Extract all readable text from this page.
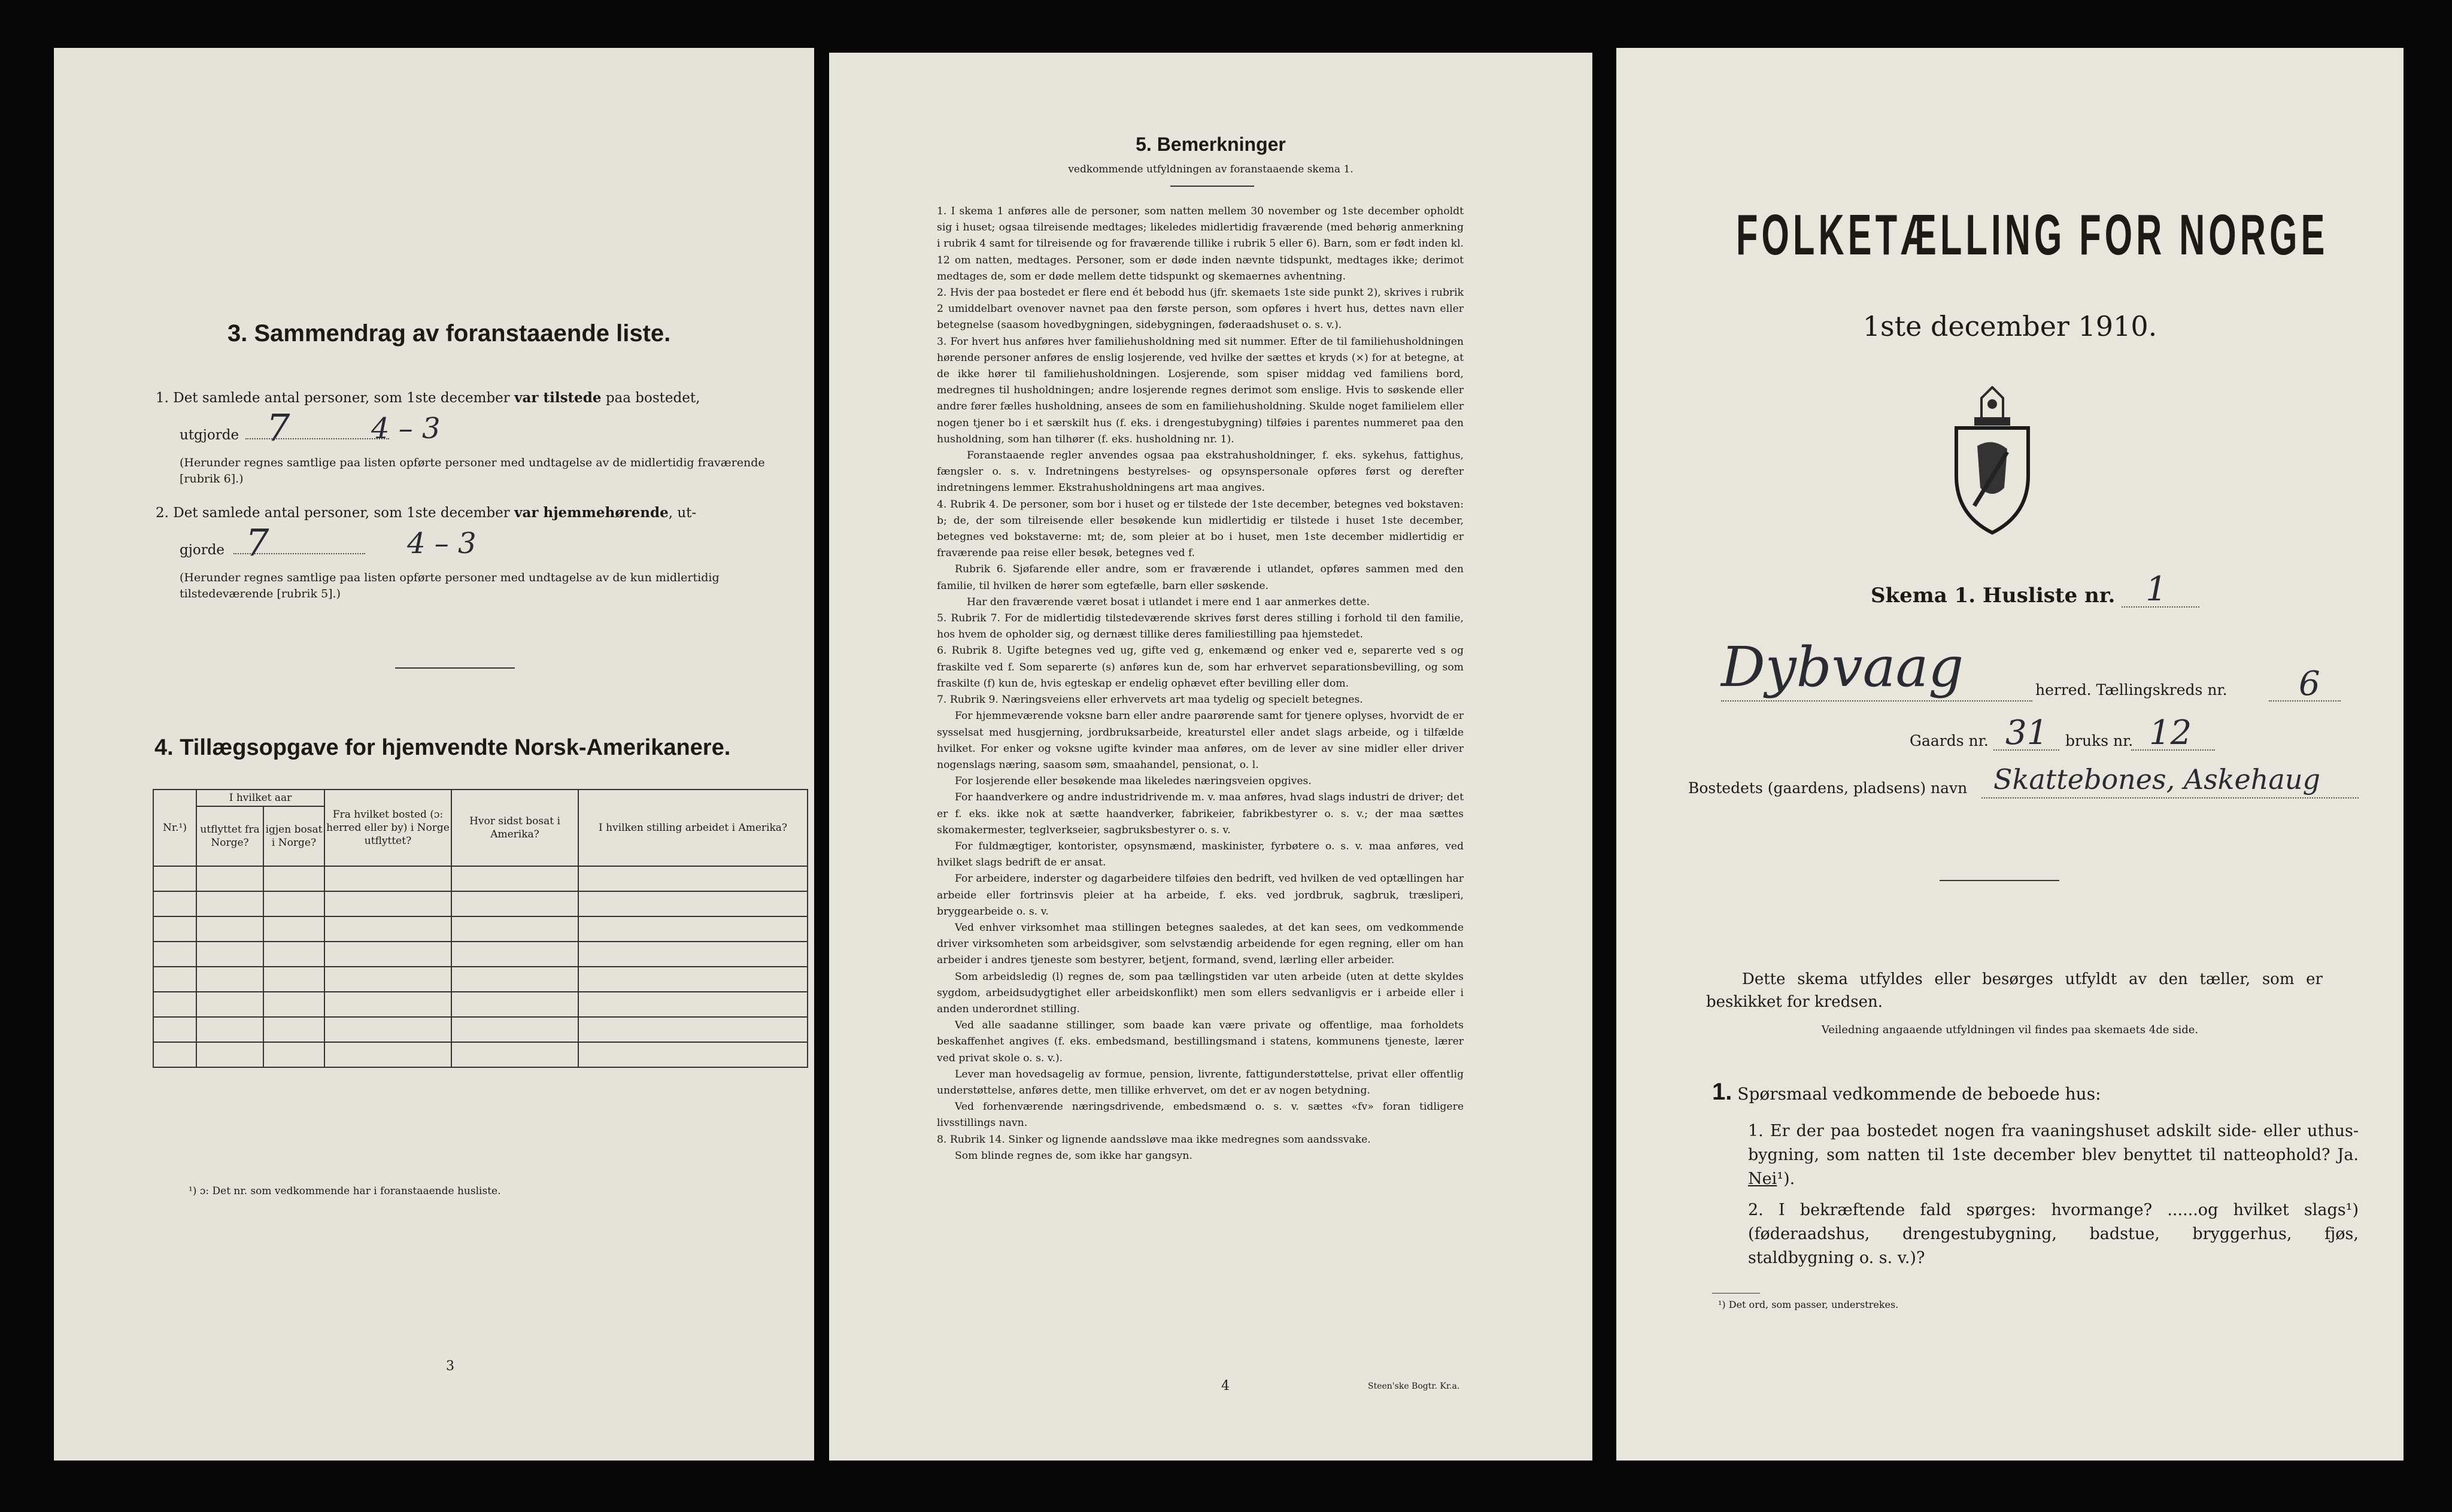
3. Sammendrag av foranstaaende liste.
1. Det samlede antal personer, som 1ste december var tilstede paa bostedet,
utgjorde 7	4 – 3
(Herunder regnes samtlige paa listen opførte personer med undtagelse av de midlertidig fraværende [rubrik 6].)
2. Det samlede antal personer, som 1ste december var hjemmehørende, ut-
gjorde 7	4 – 3
(Herunder regnes samtlige paa listen opførte personer med undtagelse av de kun midlertidig tilstedeværende [rubrik 5].)
4. Tillægsopgave for hjemvendte Norsk-Amerikanere.
Nr.¹)	I hvilket aar		Fra hvilket bosted (ɔ: herred eller by) i Norge utflyttet?	Hvor sidst bosat i Amerika?	I hvilken stilling arbeidet i Amerika?
	utflyttet fra Norge?	igjen bosat i Norge?			

¹) ɔ: Det nr. som vedkommende har i foranstaaende husliste.
3
5. Bemerkninger
vedkommende utfyldningen av foranstaaende skema 1.

1. I skema 1 anføres alle de personer, som natten mellem 30 november og 1ste december opholdt sig i huset; ogsaa tilreisende medtages; likeledes midlertidig fraværende (med behørig anmerkning i rubrik 4 samt for tilreisende og for fraværende tillike i rubrik 5 eller 6). Barn, som er født inden kl. 12 om natten, medtages. Personer, som er døde inden nævnte tidspunkt, medtages ikke; derimot medtages de, som er døde mellem dette tidspunkt og skemaernes avhentning.

2. Hvis der paa bostedet er flere end ét bebodd hus (jfr. skemaets 1ste side punkt 2), skrives i rubrik 2 umiddelbart ovenover navnet paa den første person, som opføres i hvert hus, dettes navn eller betegnelse (saasom hovedbygningen, sidebygningen, føderaadshuset o. s. v.).

3. For hvert hus anføres hver familiehusholdning med sit nummer. Efter de til familiehusholdningen hørende personer anføres de enslig losjerende, ved hvilke der sættes et kryds (×) for at betegne, at de ikke hører til familiehusholdningen. Losjerende, som spiser middag ved familiens bord, medregnes til husholdningen; andre losjerende regnes derimot som enslige. Hvis to søskende eller andre fører fælles husholdning, ansees de som en familiehusholdning. Skulde noget familielem eller nogen tjener bo i et særskilt hus (f. eks. i drengestubygning) tilføies i parentes nummeret paa den husholdning, som han tilhører (f. eks. husholdning nr. 1).

Foranstaaende regler anvendes ogsaa paa ekstrahusholdninger, f. eks. sykehus, fattighus, fængsler o. s. v. Indretningens bestyrelses- og opsynspersonale opføres først og derefter indretningens lemmer. Ekstrahusholdningens art maa angives.

4. Rubrik 4. De personer, som bor i huset og er tilstede der 1ste december, betegnes ved bokstaven: b; de, der som tilreisende eller besøkende kun midlertidig er tilstede i huset 1ste december, betegnes ved bokstaverne: mt; de, som pleier at bo i huset, men 1ste december midlertidig er fraværende paa reise eller besøk, betegnes ved f.

Rubrik 6. Sjøfarende eller andre, som er fraværende i utlandet, opføres sammen med den familie, til hvilken de hører som egtefælle, barn eller søskende.

Har den fraværende været bosat i utlandet i mere end 1 aar anmerkes dette.

5. Rubrik 7. For de midlertidig tilstedeværende skrives først deres stilling i forhold til den familie, hos hvem de opholder sig, og dernæst tillike deres familiestilling paa hjemstedet.

6. Rubrik 8. Ugifte betegnes ved ug, gifte ved g, enkemænd og enker ved e, separerte ved s og fraskilte ved f. Som separerte (s) anføres kun de, som har erhvervet separationsbevilling, og som fraskilte (f) kun de, hvis egteskap er endelig ophævet efter bevilling eller dom.

7. Rubrik 9. Næringsveiens eller erhvervets art maa tydelig og specielt betegnes.

For hjemmeværende voksne barn eller andre paarørende samt for tjenere oplyses, hvorvidt de er sysselsat med husgjerning, jordbruksarbeide, kreaturstel eller andet slags arbeide, og i tilfælde hvilket. For enker og voksne ugifte kvinder maa anføres, om de lever av sine midler eller driver nogenslags næring, saasom søm, smaahandel, pensionat, o. l.

For losjerende eller besøkende maa likeledes næringsveien opgives.

For haandverkere og andre industridrivende m. v. maa anføres, hvad slags industri de driver; det er f. eks. ikke nok at sætte haandverker, fabrikeier, fabrikbestyrer o. s. v.; der maa sættes skomakermester, teglverkseier, sagbruksbestyrer o. s. v.

For fuldmægtiger, kontorister, opsynsmænd, maskinister, fyrbøtere o. s. v. maa anføres, ved hvilket slags bedrift de er ansat.

For arbeidere, inderster og dagarbeidere tilføies den bedrift, ved hvilken de ved optællingen har arbeide eller fortrinsvis pleier at ha arbeide, f. eks. ved jordbruk, sagbruk, træsliperi, bryggearbeide o. s. v.

Ved enhver virksomhet maa stillingen betegnes saaledes, at det kan sees, om vedkommende driver virksomheten som arbeidsgiver, som selvstændig arbeidende for egen regning, eller om han arbeider i andres tjeneste som bestyrer, betjent, formand, svend, lærling eller arbeider.

Som arbeidsledig (l) regnes de, som paa tællingstiden var uten arbeide (uten at dette skyldes sygdom, arbeidsudygtighet eller arbeidskonflikt) men som ellers sedvanligvis er i arbeide eller i anden underordnet stilling.

Ved alle saadanne stillinger, som baade kan være private og offentlige, maa forholdets beskaffenhet angives (f. eks. embedsmand, bestillingsmand i statens, kommunens tjeneste, lærer ved privat skole o. s. v.).

Lever man hovedsagelig av formue, pension, livrente, fattigunderstøttelse, privat eller offentlig understøttelse, anføres dette, men tillike erhvervet, om det er av nogen betydning.

Ved forhenværende næringsdrivende, embedsmænd o. s. v. sættes «fv» foran tidligere livsstillings navn.

8. Rubrik 14. Sinker og lignende aandssløve maa ikke medregnes som aandssvake.

Som blinde regnes de, som ikke har gangsyn.

4	Steen'ske Bogtr. Kr.a.
FOLKETÆLLING FOR NORGE
1ste december 1910.
Skema 1. Husliste nr. 1
Dybvaag	herred. Tællingskreds nr. 6
Gaards nr. 31 bruks nr. 12
Bostedets (gaardens, pladsens) navn Skattebones, Askehaug
Dette skema utfyldes eller besørges utfyldt av den tæller, som er beskikket for kredsen.
Veiledning angaaende utfyldningen vil findes paa skemaets 4de side.
1. Spørsmaal vedkommende de beboede hus:
1. Er der paa bostedet nogen fra vaaningshuset adskilt side- eller uthus-bygning, som natten til 1ste december blev benyttet til natteophold? Ja. Nei¹).
2. I bekræftende fald spørges: hvormange? ......og hvilket slags¹) (føderaadshus, drengestubygning, badstue, bryggerhus, fjøs, staldbygning o. s. v.)?
¹) Det ord, som passer, understrekes.
